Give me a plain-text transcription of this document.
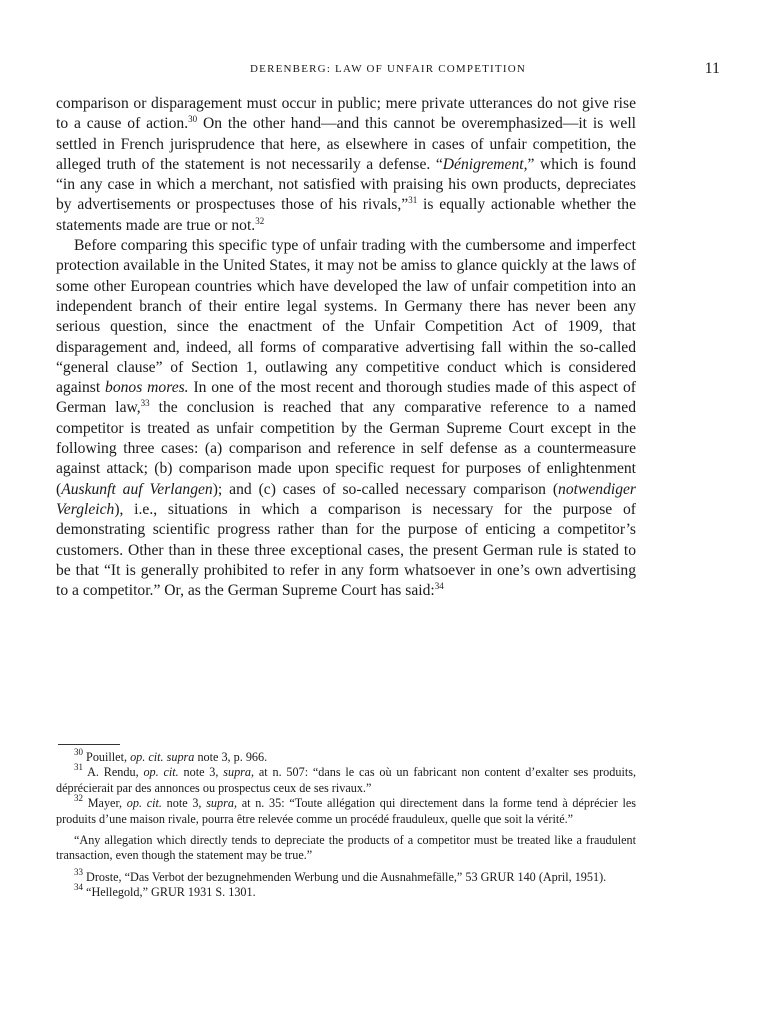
DERENBERG: LAW OF UNFAIR COMPETITION	11

comparison or disparagement must occur in public; mere private utterances do not give rise to a cause of action.$^{30}$ On the other hand—and this cannot be overemphasized—it is well settled in French jurisprudence that here, as elsewhere in cases of unfair competition, the alleged truth of the statement is not necessarily a defense. “Dénigrement,” which is found “in any case in which a merchant, not satisfied with praising his own products, depreciates by advertisements or prospectuses those of his rivals,”$^{31}$ is equally actionable whether the statements made are true or not.$^{32}$

Before comparing this specific type of unfair trading with the cumbersome and imperfect protection available in the United States, it may not be amiss to glance quickly at the laws of some other European countries which have developed the law of unfair competition into an independent branch of their entire legal systems. In Germany there has never been any serious question, since the enactment of the Unfair Competition Act of 1909, that disparagement and, indeed, all forms of comparative advertising fall within the so-called “general clause” of Section 1, outlawing any competitive conduct which is considered against bonos mores. In one of the most recent and thorough studies made of this aspect of German law,$^{33}$ the conclusion is reached that any comparative reference to a named competitor is treated as unfair competition by the German Supreme Court except in the following three cases: (a) comparison and reference in self defense as a countermeasure against attack; (b) comparison made upon specific request for purposes of enlightenment (Auskunft auf Verlangen); and (c) cases of so-called necessary comparison (notwendiger Vergleich), i.e., situations in which a comparison is necessary for the purpose of demonstrating scientific progress rather than for the purpose of enticing a competitor’s customers. Other than in these three exceptional cases, the present German rule is stated to be that “It is generally prohibited to refer in any form whatsoever in one’s own advertising to a competitor.” Or, as the German Supreme Court has said:$^{34}$

$^{30}$ Pouillet, op. cit. supra note 3, p. 966.

$^{31}$ A. Rendu, op. cit. note 3, supra, at n. 507: “dans le cas où un fabricant non content d’exalter ses produits, déprécierait par des annonces ou prospectus ceux de ses rivaux.”

$^{32}$ Mayer, op. cit. note 3, supra, at n. 35: “Toute allégation qui directement dans la forme tend à déprécier les produits d’une maison rivale, pourra être relevée comme un procédé frauduleux, quelle que soit la vérité.”

“Any allegation which directly tends to depreciate the products of a competitor must be treated like a fraudulent transaction, even though the statement may be true.”

$^{33}$ Droste, “Das Verbot der bezugnehmenden Werbung und die Ausnahmefälle,” 53 GRUR 140 (April, 1951).

$^{34}$ “Hellegold,” GRUR 1931 S. 1301.
